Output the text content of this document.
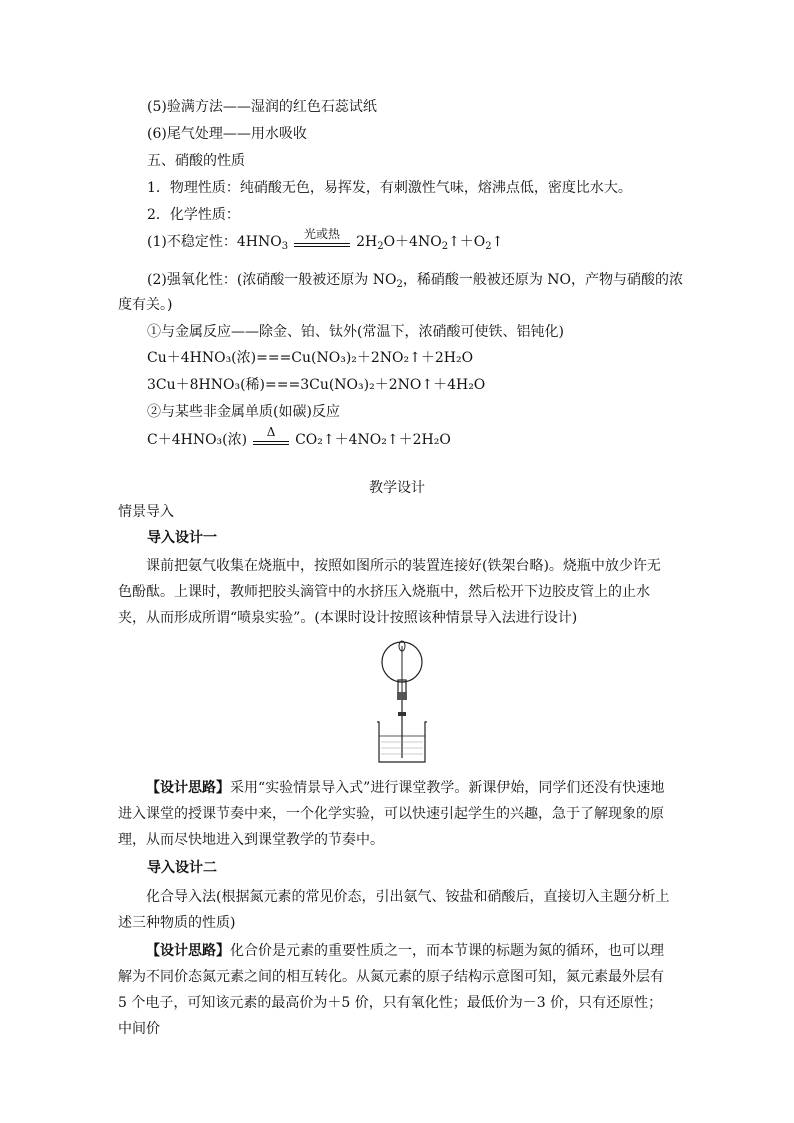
(5)验满方法——湿润的红色石蕊试纸
(6)尾气处理——用水吸收
五、硝酸的性质
1．物理性质：纯硝酸无色，易挥发，有刺激性气味，熔沸点低，密度比水大。
2．化学性质：
(1)不稳定性：$4HNO_3$
光或热	$2H_2O+4NO_2↑+O_2↑$
(2)强氧化性：(浓硝酸一般被还原为 $NO_2$，稀硝酸一般被还原为 NO，产物与硝酸的浓
度有关。)
①与金属反应——除金、铂、钛外(常温下，浓硝酸可使铁、铝钝化)
Cu＋4HNO₃(浓)===Cu(NO₃)₂＋2NO₂↑＋2H₂O
3Cu＋8HNO₃(稀)===3Cu(NO₃)₂＋2NO↑＋4H₂O
②与某些非金属单质(如碳)反应
C＋4HNO₃(浓)	Δ	CO₂↑＋4NO₂↑＋2H₂O
教学设计
情景导入
导入设计一
课前把氨气收集在烧瓶中，按照如图所示的装置连接好(铁架台略)。烧瓶中放少许无色酚酞。上课时，教师把胶头滴管中的水挤压入烧瓶中，然后松开下边胶皮管上的止水夹，从而形成所谓“喷泉实验”。(本课时设计按照该种情景导入法进行设计)
【设计思路】采用“实验情景导入式”进行课堂教学。新课伊始，同学们还没有快速地进入课堂的授课节奏中来，一个化学实验，可以快速引起学生的兴趣，急于了解现象的原理，从而尽快地进入到课堂教学的节奏中。
导入设计二
化合导入法(根据氮元素的常见价态，引出氨气、铵盐和硝酸后，直接切入主题分析上述三种物质的性质)
【设计思路】化合价是元素的重要性质之一，而本节课的标题为氮的循环，也可以理解为不同价态氮元素之间的相互转化。从氮元素的原子结构示意图可知，氮元素最外层有 5 个电子，可知该元素的最高价为＋5 价，只有氧化性；最低价为－3 价，只有还原性；中间价
